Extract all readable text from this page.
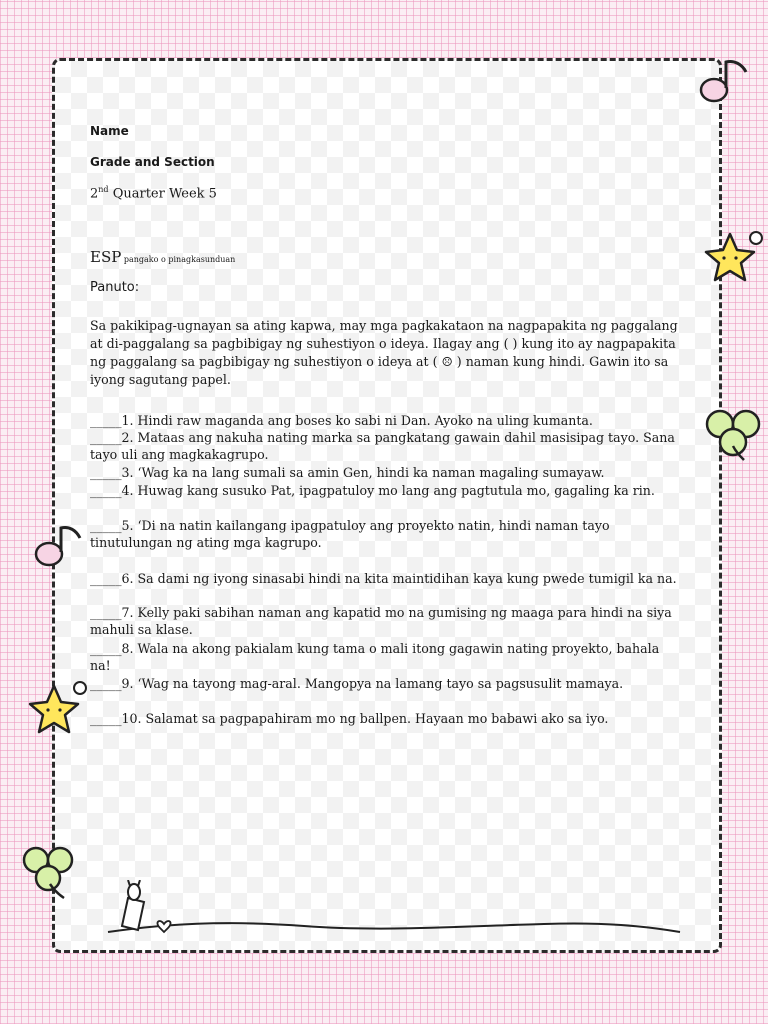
Name
Grade and Section
2nd Quarter Week 5
ESP pangako o pinagkasunduan
Panuto:
Sa pakikipag-ugnayan sa ating kapwa, may mga pagkakataon na nagpapakita ng paggalang at di-paggalang sa pagbibigay ng suhestiyon o ideya. Ilagay ang ( ) kung ito ay nagpapakita ng paggalang sa pagbibigay ng suhestiyon o ideya at ( ☹ ) naman kung hindi. Gawin ito sa iyong sagutang papel.
_____1. Hindi raw maganda ang boses ko sabi ni Dan. Ayoko na uling kumanta.
_____2. Mataas ang nakuha nating marka sa pangkatang gawain dahil masisipag tayo. Sana tayo uli ang magkakagrupo.
_____3. ‘Wag ka na lang sumali sa amin Gen, hindi ka naman magaling sumayaw.
_____4. Huwag kang susuko Pat, ipagpatuloy mo lang ang pagtutula mo, gagaling ka rin.
_____5. ‘Di na natin kailangang ipagpatuloy ang proyekto natin, hindi naman tayo tinutulungan ng ating mga kagrupo.
_____6. Sa dami ng iyong sinasabi hindi na kita maintidihan kaya kung pwede tumigil ka na.
_____7. Kelly paki sabihan naman ang kapatid mo na gumising ng maaga para hindi na siya mahuli sa klase.
_____8. Wala na akong pakialam kung tama o mali itong gagawin nating proyekto, bahala na!
_____9. ‘Wag na tayong mag-aral. Mangopya na lamang tayo sa pagsusulit mamaya.
_____10. Salamat sa pagpapahiram mo ng ballpen. Hayaan mo babawi ako sa iyo.
